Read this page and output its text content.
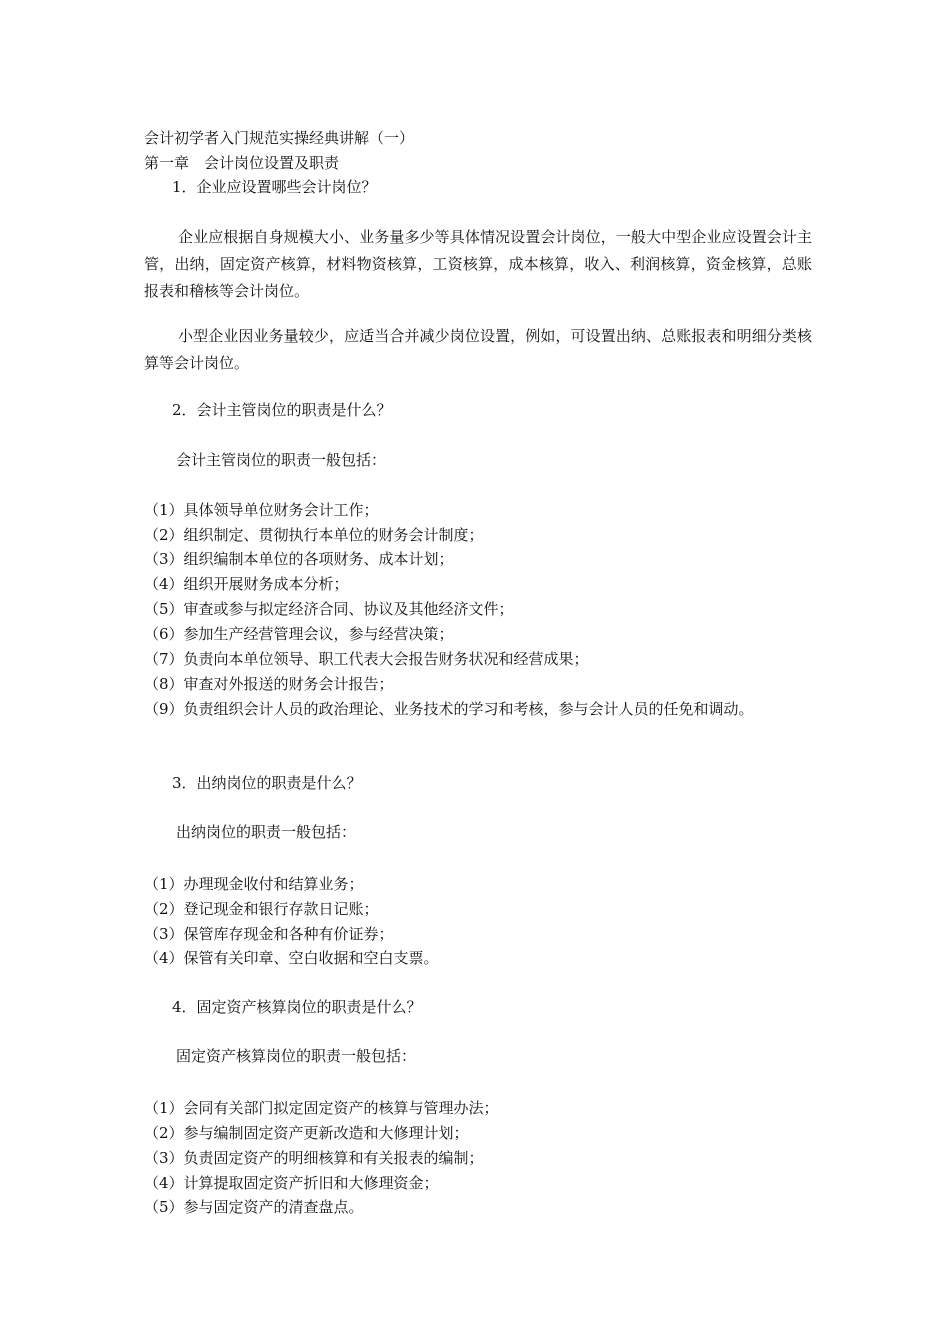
会计初学者入门规范实操经典讲解（一）
第一章　会计岗位设置及职责
1．企业应设置哪些会计岗位？
企业应根据自身规模大小、业务量多少等具体情况设置会计岗位，一般大中型企业应设置会计主管，出纳，固定资产核算，材料物资核算，工资核算，成本核算，收入、利润核算，资金核算，总账报表和稽核等会计岗位。
小型企业因业务量较少，应适当合并减少岗位设置，例如，可设置出纳、总账报表和明细分类核算等会计岗位。
2．会计主管岗位的职责是什么？
会计主管岗位的职责一般包括：
（1）具体领导单位财务会计工作；
（2）组织制定、贯彻执行本单位的财务会计制度；
（3）组织编制本单位的各项财务、成本计划；
（4）组织开展财务成本分析；
（5）审查或参与拟定经济合同、协议及其他经济文件；
（6）参加生产经营管理会议，参与经营决策；
（7）负责向本单位领导、职工代表大会报告财务状况和经营成果；
（8）审查对外报送的财务会计报告；
（9）负责组织会计人员的政治理论、业务技术的学习和考核，参与会计人员的任免和调动。
3．出纳岗位的职责是什么？
出纳岗位的职责一般包括：
（1）办理现金收付和结算业务；
（2）登记现金和银行存款日记账；
（3）保管库存现金和各种有价证券；
（4）保管有关印章、空白收据和空白支票。
4．固定资产核算岗位的职责是什么？
固定资产核算岗位的职责一般包括：
（1）会同有关部门拟定固定资产的核算与管理办法；
（2）参与编制固定资产更新改造和大修理计划；
（3）负责固定资产的明细核算和有关报表的编制；
（4）计算提取固定资产折旧和大修理资金；
（5）参与固定资产的清查盘点。
